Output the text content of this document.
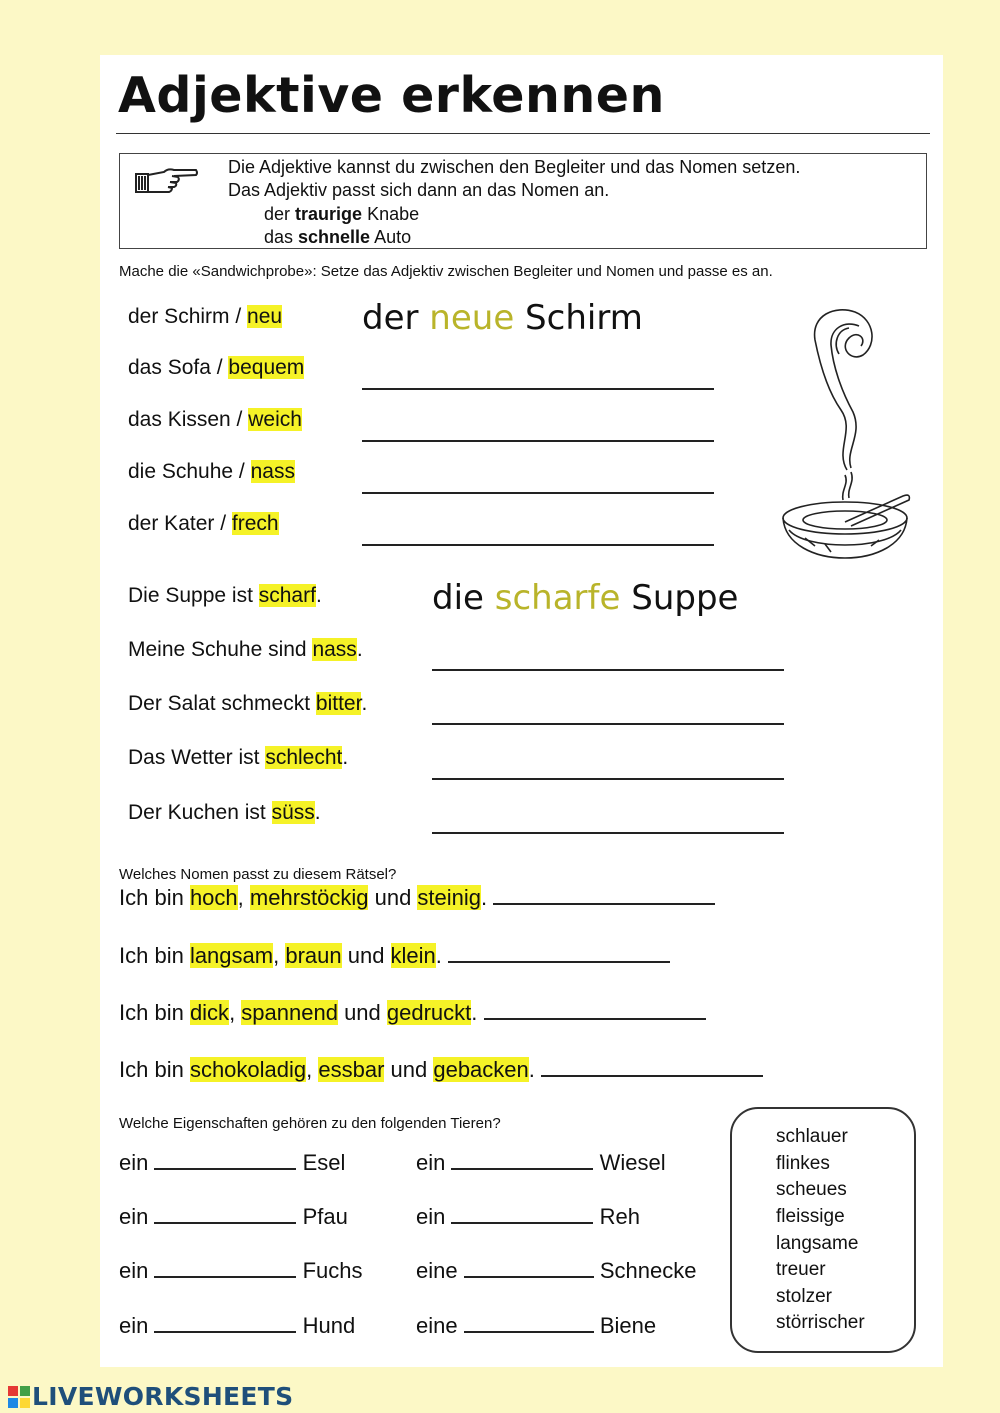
Adjektive erkennen
Die Adjektive kannst du zwischen den Begleiter und das Nomen setzen.
Das Adjektiv passt sich dann an das Nomen an.
der traurige Knabe
das schnelle Auto
Mache die «Sandwichprobe»: Setze das Adjektiv zwischen Begleiter und Nomen und passe es an.
der Schirm / neu
das Sofa / bequem
das Kissen / weich
die Schuhe / nass
der Kater / frech
der neue Schirm
Die Suppe ist scharf.
Meine Schuhe sind nass.
Der Salat schmeckt bitter.
Das Wetter ist schlecht.
Der Kuchen ist süss.
die scharfe Suppe
Welches Nomen passt zu diesem Rätsel?
Ich bin hoch, mehrstöckig und steinig.
Ich bin langsam, braun und klein.
Ich bin dick, spannend und gedruckt.
Ich bin schokoladig, essbar und gebacken.
Welche Eigenschaften gehören zu den folgenden Tieren?
ein	Esel
ein	Pfau
ein	Fuchs
ein	Hund
ein	Wiesel
ein	Reh
eine	Schnecke
eine	Biene
schlauer
flinkes
scheues
fleissige
langsame
treuer
stolzer
störrischer
LIVEWORKSHEETS
